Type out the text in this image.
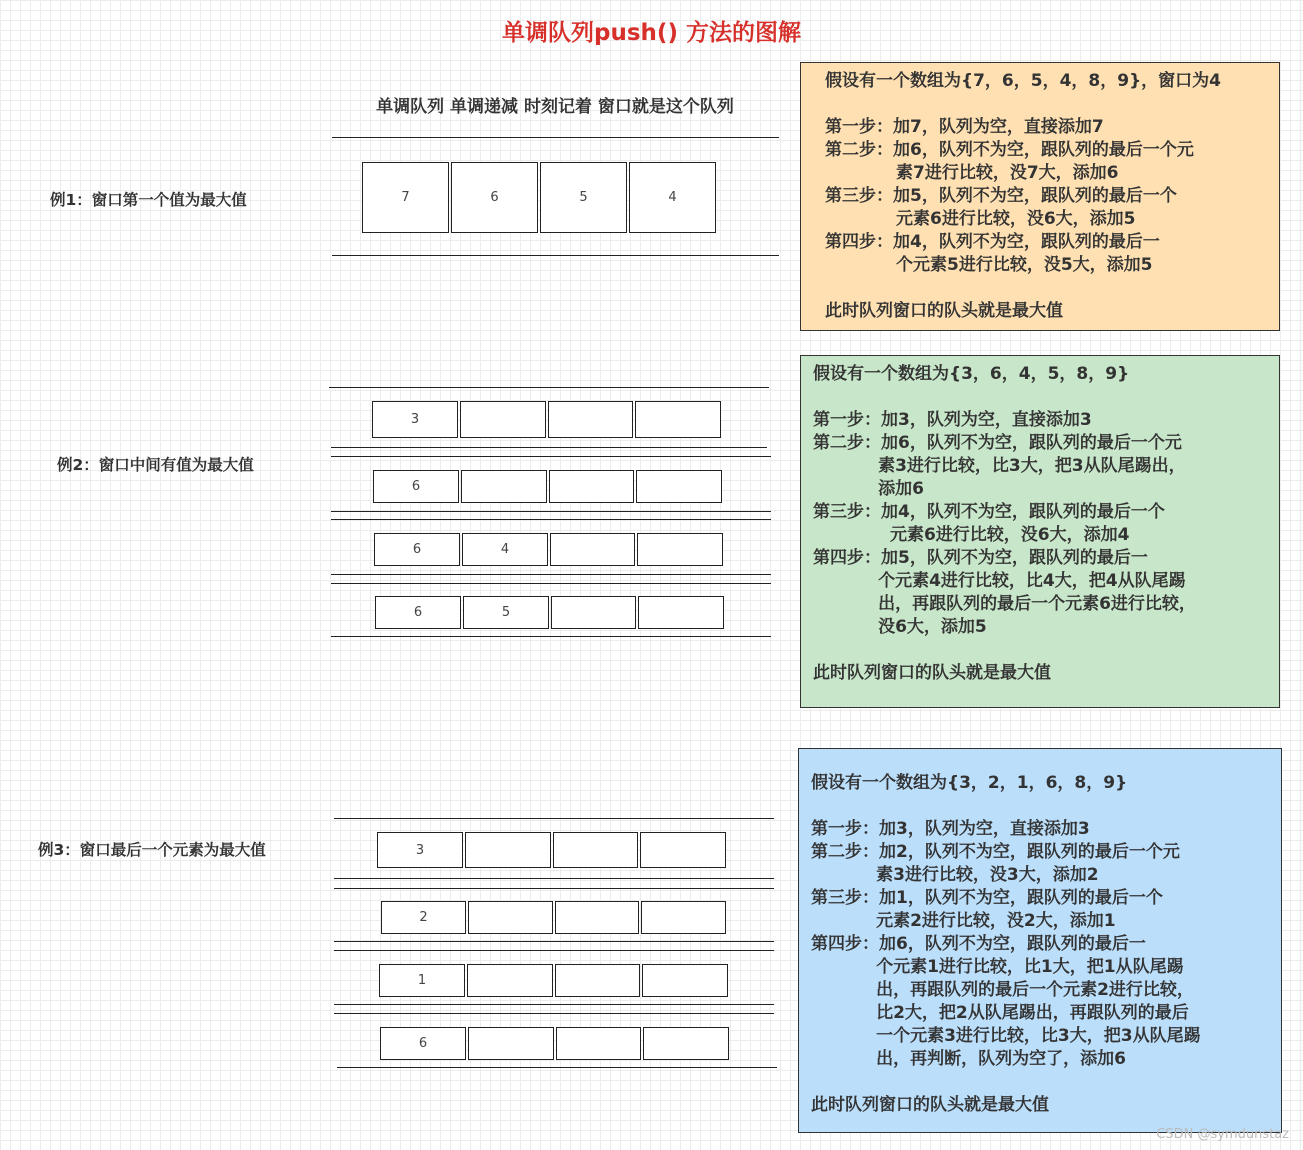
单调队列push() 方法的图解
单调队列 单调递减 时刻记着 窗口就是这个队列
例1：窗口第一个值为最大值	7	6	5	4
例2：窗口中间有值为最大值
3
6
6	4
6	5
例3：窗口最后一个元素为最大值	3
2
1
6
假设有一个数组为{7，6，5，4，8，9}，窗口为4
第一步：加7，队列为空，直接添加7
第二步：加6，队列不为空，跟队列的最后一个元
素7进行比较，没7大，添加6
第三步：加5，队列不为空，跟队列的最后一个
元素6进行比较，没6大，添加5
第四步：加4，队列不为空，跟队列的最后一
个元素5进行比较，没5大，添加5
此时队列窗口的队头就是最大值
假设有一个数组为{3，6，4，5，8，9}
第一步：加3，队列为空，直接添加3
第二步：加6，队列不为空，跟队列的最后一个元
素3进行比较，比3大，把3从队尾踢出，
添加6
第三步：加4，队列不为空，跟队列的最后一个
元素6进行比较，没6大，添加4
第四步：加5，队列不为空，跟队列的最后一
个元素4进行比较，比4大，把4从队尾踢
出，再跟队列的最后一个元素6进行比较，
没6大，添加5
此时队列窗口的队头就是最大值
假设有一个数组为{3，2，1，6，8，9}
第一步：加3，队列为空，直接添加3
第二步：加2，队列不为空，跟队列的最后一个元
素3进行比较，没3大，添加2
第三步：加1，队列不为空，跟队列的最后一个
元素2进行比较，没2大，添加1
第四步：加6，队列不为空，跟队列的最后一
个元素1进行比较，比1大，把1从队尾踢
出，再跟队列的最后一个元素2进行比较，
比2大，把2从队尾踢出，再跟队列的最后
一个元素3进行比较，比3大，把3从队尾踢
出，再判断，队列为空了，添加6
此时队列窗口的队头就是最大值
CSDN @symdunstaz
